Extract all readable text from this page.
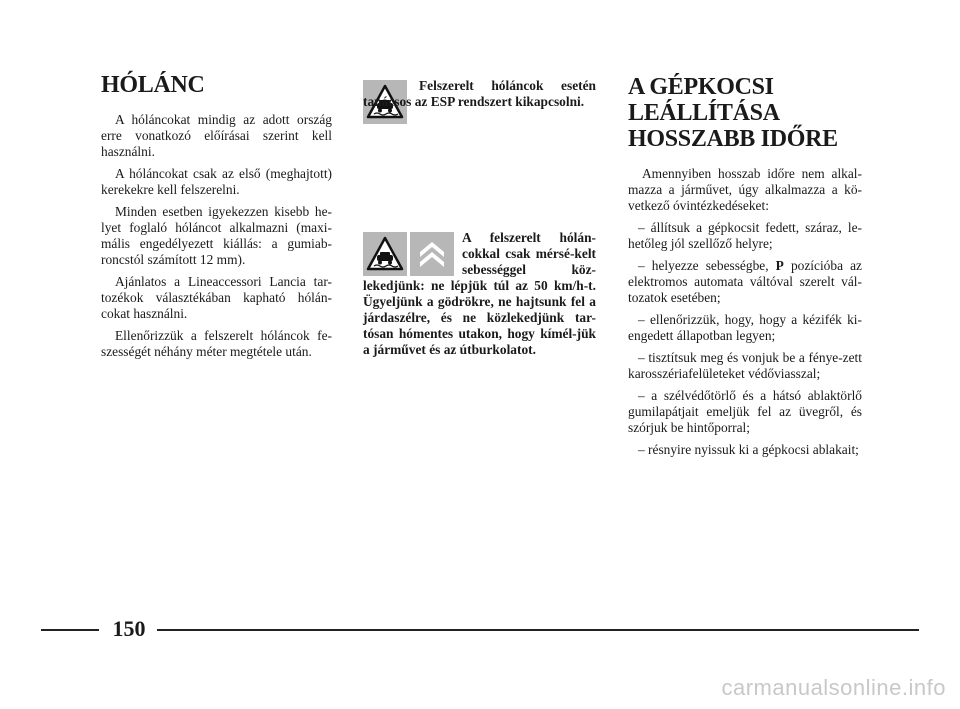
HÓLÁNC

A hóláncokat mindig az adott ország erre vonatkozó előírásai szerint kell használni.

A hóláncokat csak az első (meghajtott) kerekekre kell felszerelni.

Minden esetben igyekezzen kisebb he-lyet foglaló hóláncot alkalmazni (maxi-mális engedélyezett kiállás: a gumiab-roncstól számított 12 mm).

Ajánlatos a Lineaccessori Lancia tar-tozékok választékában kapható hólán-cokat használni.

Ellenőrizzük a felszerelt hóláncok fe-szességét néhány méter megtétele után.

Felszerelt hóláncok esetén tanácsos az ESP rendszert kikapcsolni.
A felszerelt hólán-cokkal csak mérsé-kelt sebességgel köz-lekedjünk: ne lépjük túl az 50 km/h-t. Ügyeljünk a gödrökre, ne hajtsunk fel a járdaszélre, és ne közlekedjünk tar-tósan hómentes utakon, hogy kímél-jük a járművet és az útburkolatot.
A GÉPKOCSI
LEÁLLÍTÁSA
HOSSZABB IDŐRE

Amennyiben hosszab időre nem alkal-mazza a járművet, úgy alkalmazza a kö-vetkező óvintézkedéseket:

– állítsuk a gépkocsit fedett, száraz, le-hetőleg jól szellőző helyre;

– helyezze sebességbe, P pozícióba az elektromos automata váltóval szerelt vál-tozatok esetében;

– ellenőrizzük, hogy, hogy a kézifék ki-engedett állapotban legyen;

– tisztítsuk meg és vonjuk be a fénye-zett karosszériafelületeket védőviasszal;

– a szélvédőtörlő és a hátsó ablaktörlő gumilapátjait emeljük fel az üvegről, és szórjuk be hintőporral;

– résnyire nyissuk ki a gépkocsi ablakait;

150
carmanualsonline.info
